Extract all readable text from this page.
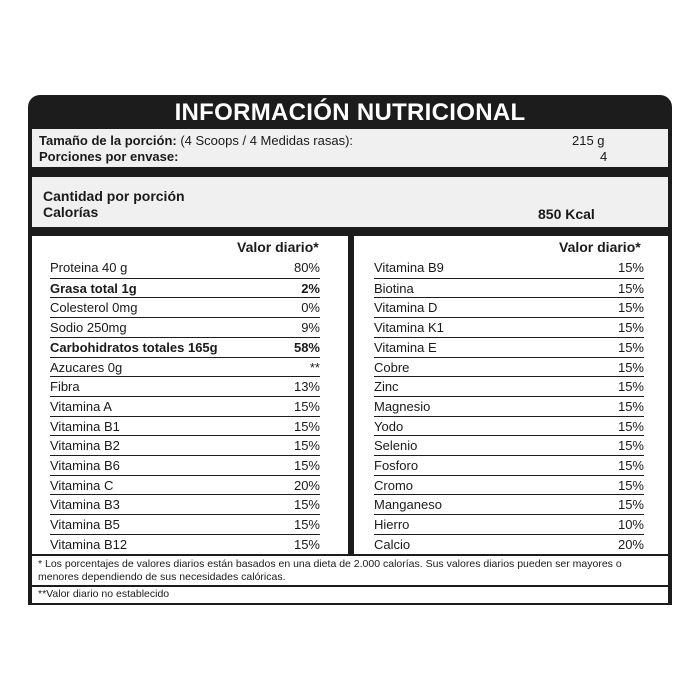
INFORMACIÓN NUTRICIONAL
Tamaño de la porción: (4 Scoops / 4 Medidas rasas):	215 g
Porciones por envase:	4
Cantidad por porción
Calorías	850 Kcal
Valor diario*
Proteina 40 g	80%
Grasa total 1g	2%
Colesterol 0mg	0%
Sodio 250mg	9%
Carbohidratos totales 165g	58%
Azucares 0g	**
Fibra	13%
Vitamina A	15%
Vitamina B1	15%
Vitamina B2	15%
Vitamina B6	15%
Vitamina C	20%
Vitamina B3	15%
Vitamina B5	15%
Vitamina B12	15%
Valor diario*
Vitamina B9	15%
Biotina	15%
Vitamina D	15%
Vitamina K1	15%
Vitamina E	15%
Cobre	15%
Zinc	15%
Magnesio	15%
Yodo	15%
Selenio	15%
Fosforo	15%
Cromo	15%
Manganeso	15%
Hierro	10%
Calcio	20%
* Los porcentajes de valores diarios están basados en una dieta de 2.000 calorías. Sus valores diarios pueden ser mayores o
menores dependiendo de sus necesidades calóricas.
**Valor diario no establecido
